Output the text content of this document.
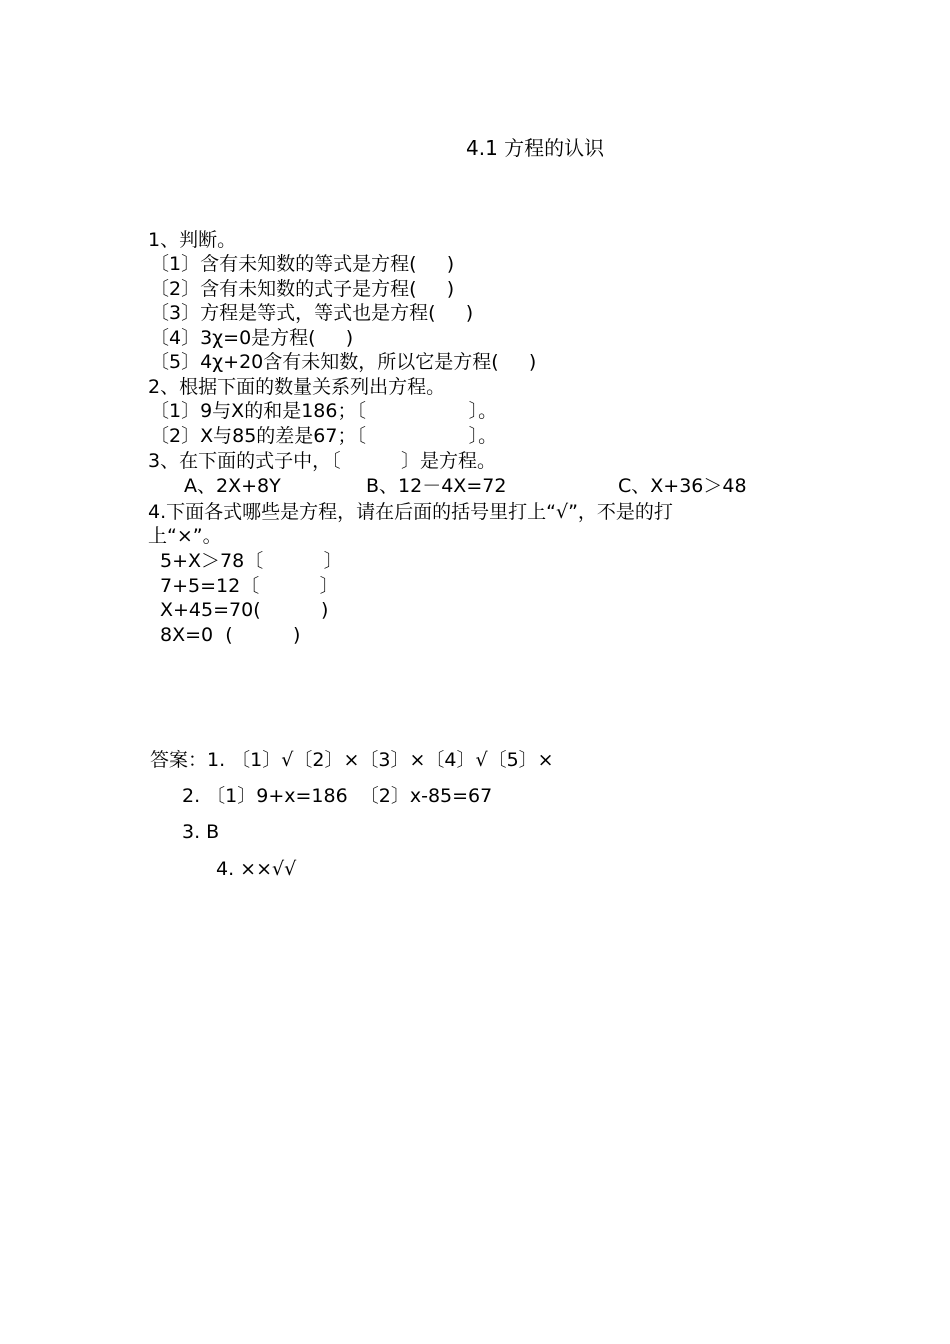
4.1 方程的认识
1、判断。
〔1〕含有未知数的等式是方程(     )
〔2〕含有未知数的式子是方程(     )
〔3〕方程是等式，等式也是方程(     )
〔4〕3χ=0是方程(     )
〔5〕4χ+20含有未知数，所以它是方程(     )
2、根据下面的数量关系列出方程。
〔1〕9与X的和是186；〔                 〕。
〔2〕X与85的差是67；〔                 〕。
3、在下面的式子中，〔          〕是方程。
A、2X+8Y	B、12－4X=72	C、X+36＞48
4.下面各式哪些是方程，请在后面的括号里打上“√”，不是的打
上“×”。
5+X＞78〔          〕
7+5=12〔          〕
X+45=70(          )
8X=0  (          )
答案：1. 〔1〕√〔2〕×〔3〕×〔4〕√〔5〕×
2. 〔1〕9+x=186  〔2〕x-85=67
3. B
4. ××√√
